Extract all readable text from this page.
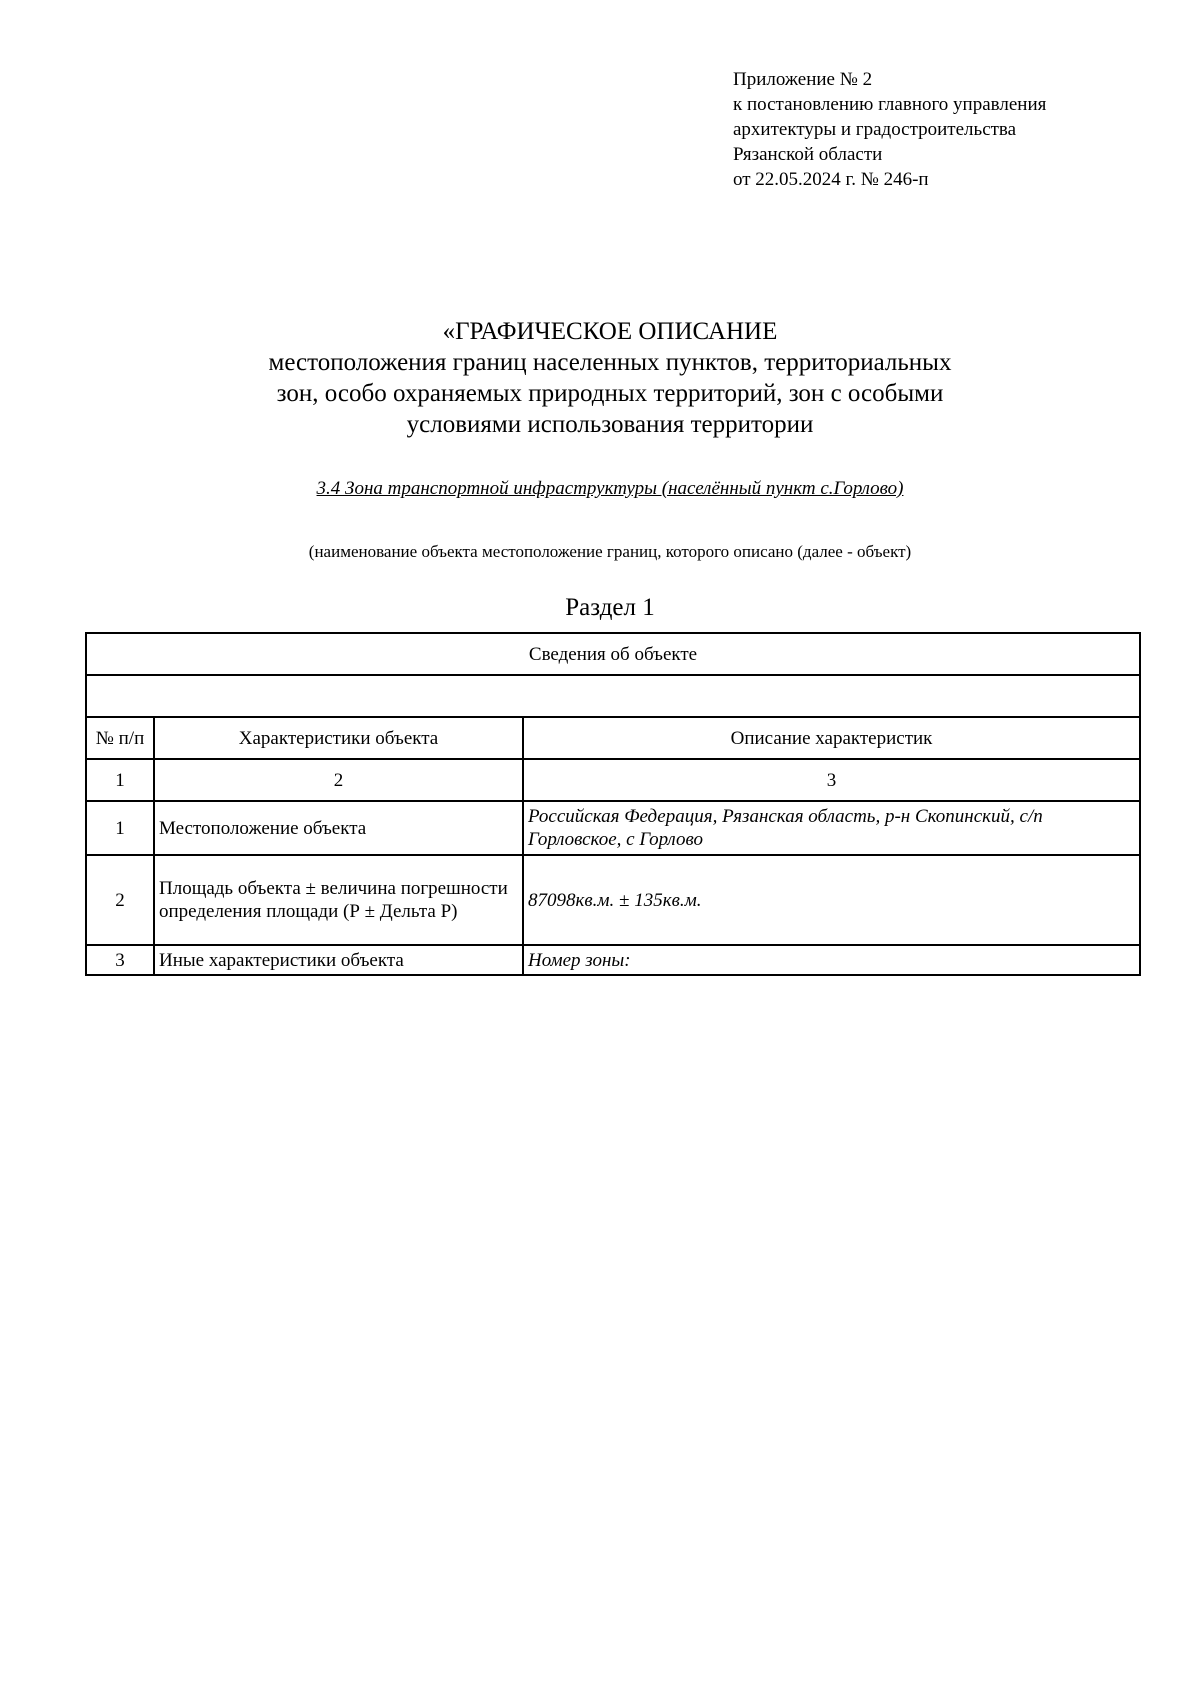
Приложение № 2
к постановлению главного управления
архитектуры и градостроительства
Рязанской области
от 22.05.2024 г. № 246-п
«ГРАФИЧЕСКОЕ ОПИСАНИЕ
местоположения границ населенных пунктов, территориальных
зон, особо охраняемых природных территорий, зон с особыми
условиями использования территории
3.4 Зона транспортной инфраструктуры (населённый пункт с.Горлово)
(наименование объекта местоположение границ, которого описано (далее - объект)
Раздел 1
Сведения об объекте		

№ п/п	Характеристики объекта	Описание характеристик
1	2	3
1	Местоположение объекта	Российская Федерация, Рязанская область, р-н Скопинский, с/п Горловское, с Горлово
2	Площадь объекта ± величина погрешности определения площади (Р ± Дельта Р)	87098кв.м. ± 135кв.м.
3	Иные характеристики объекта	Номер зоны:
